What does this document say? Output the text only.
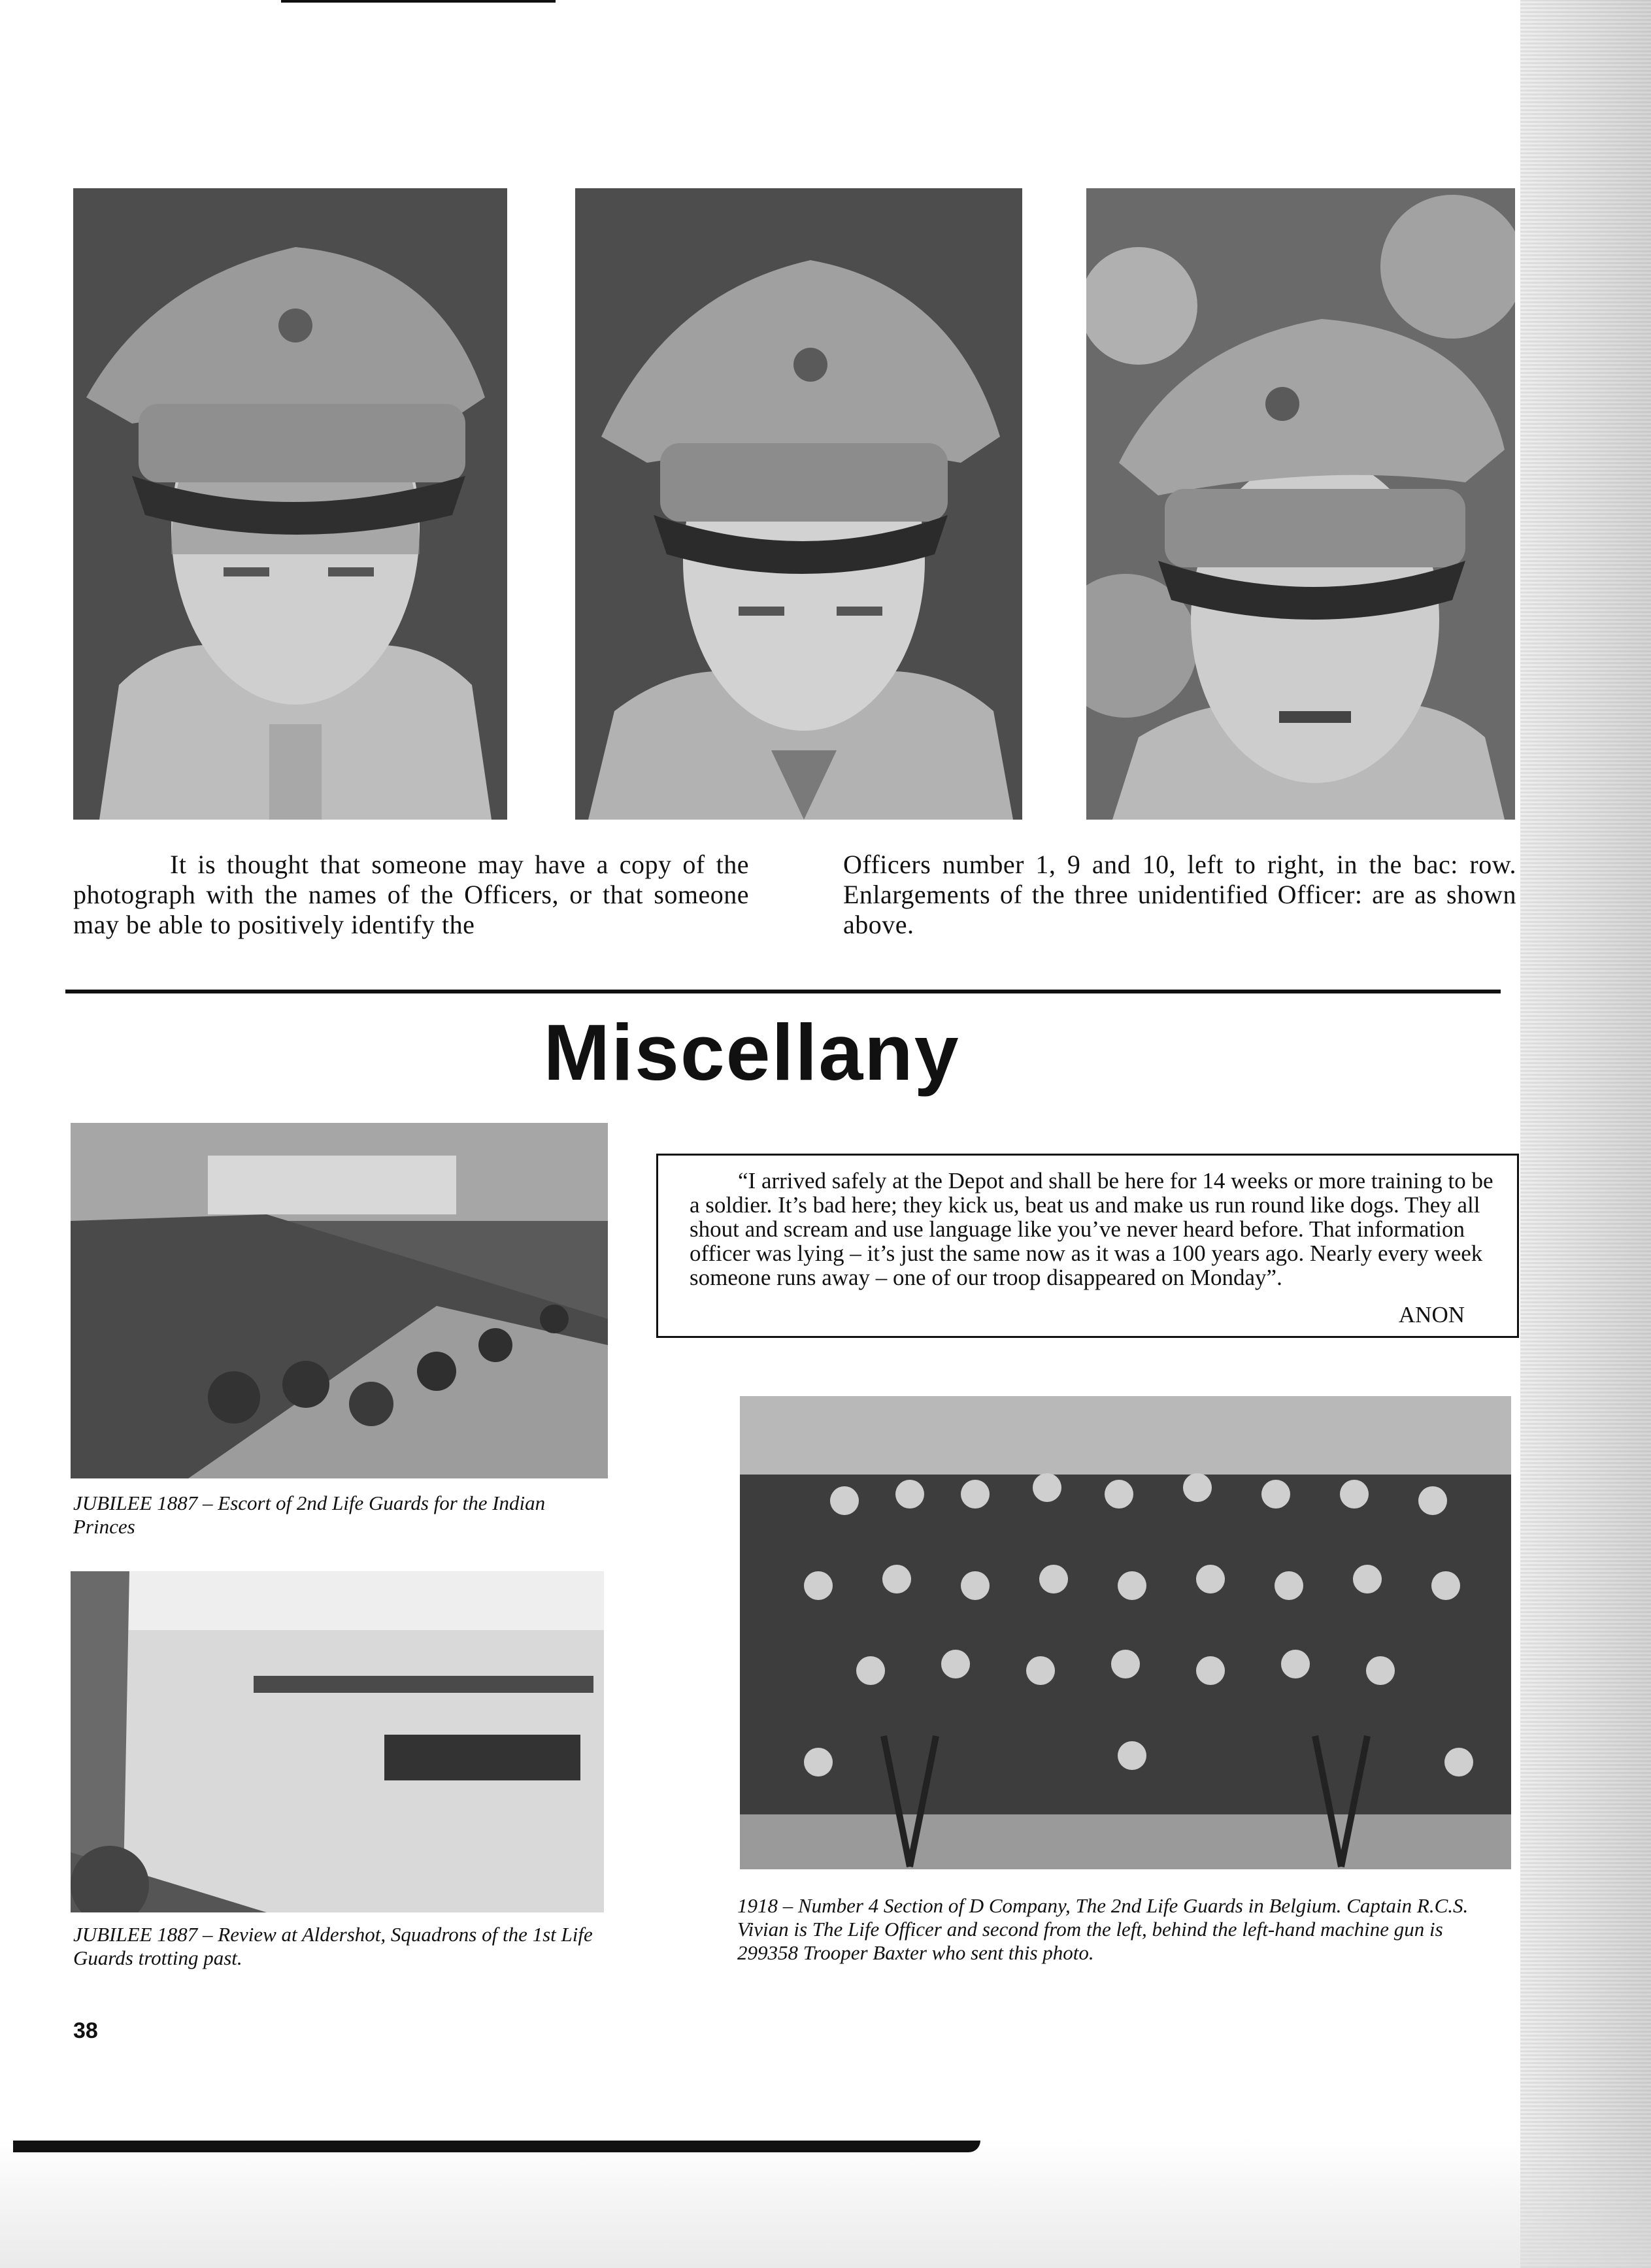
It is thought that someone may have a copy of the photograph with the names of the Officers, or that someone may be able to positively identify the

Officers number 1, 9 and 10, left to right, in the bac: row. Enlargements of the three unidentified Officer: are as shown above.

Miscellany
JUBILEE 1887 – Escort of 2nd Life Guards for the Indian Princes
JUBILEE 1887 – Review at Aldershot, Squadrons of the 1st Life Guards trotting past.

“I arrived safely at the Depot and shall be here for 14 weeks or more training to be a soldier. It’s bad here; they kick us, beat us and make us run round like dogs. They all shout and scream and use language like you’ve never heard before. That information officer was lying – it’s just the same now as it was a 100 years ago. Nearly every week someone runs away – one of our troop disappeared on Monday”.

ANON
1918 – Number 4 Section of D Company, The 2nd Life Guards in Belgium. Captain R.C.S. Vivian is The Life Officer and second from the left, behind the left-hand machine gun is 299358 Trooper Baxter who sent this photo.
38
